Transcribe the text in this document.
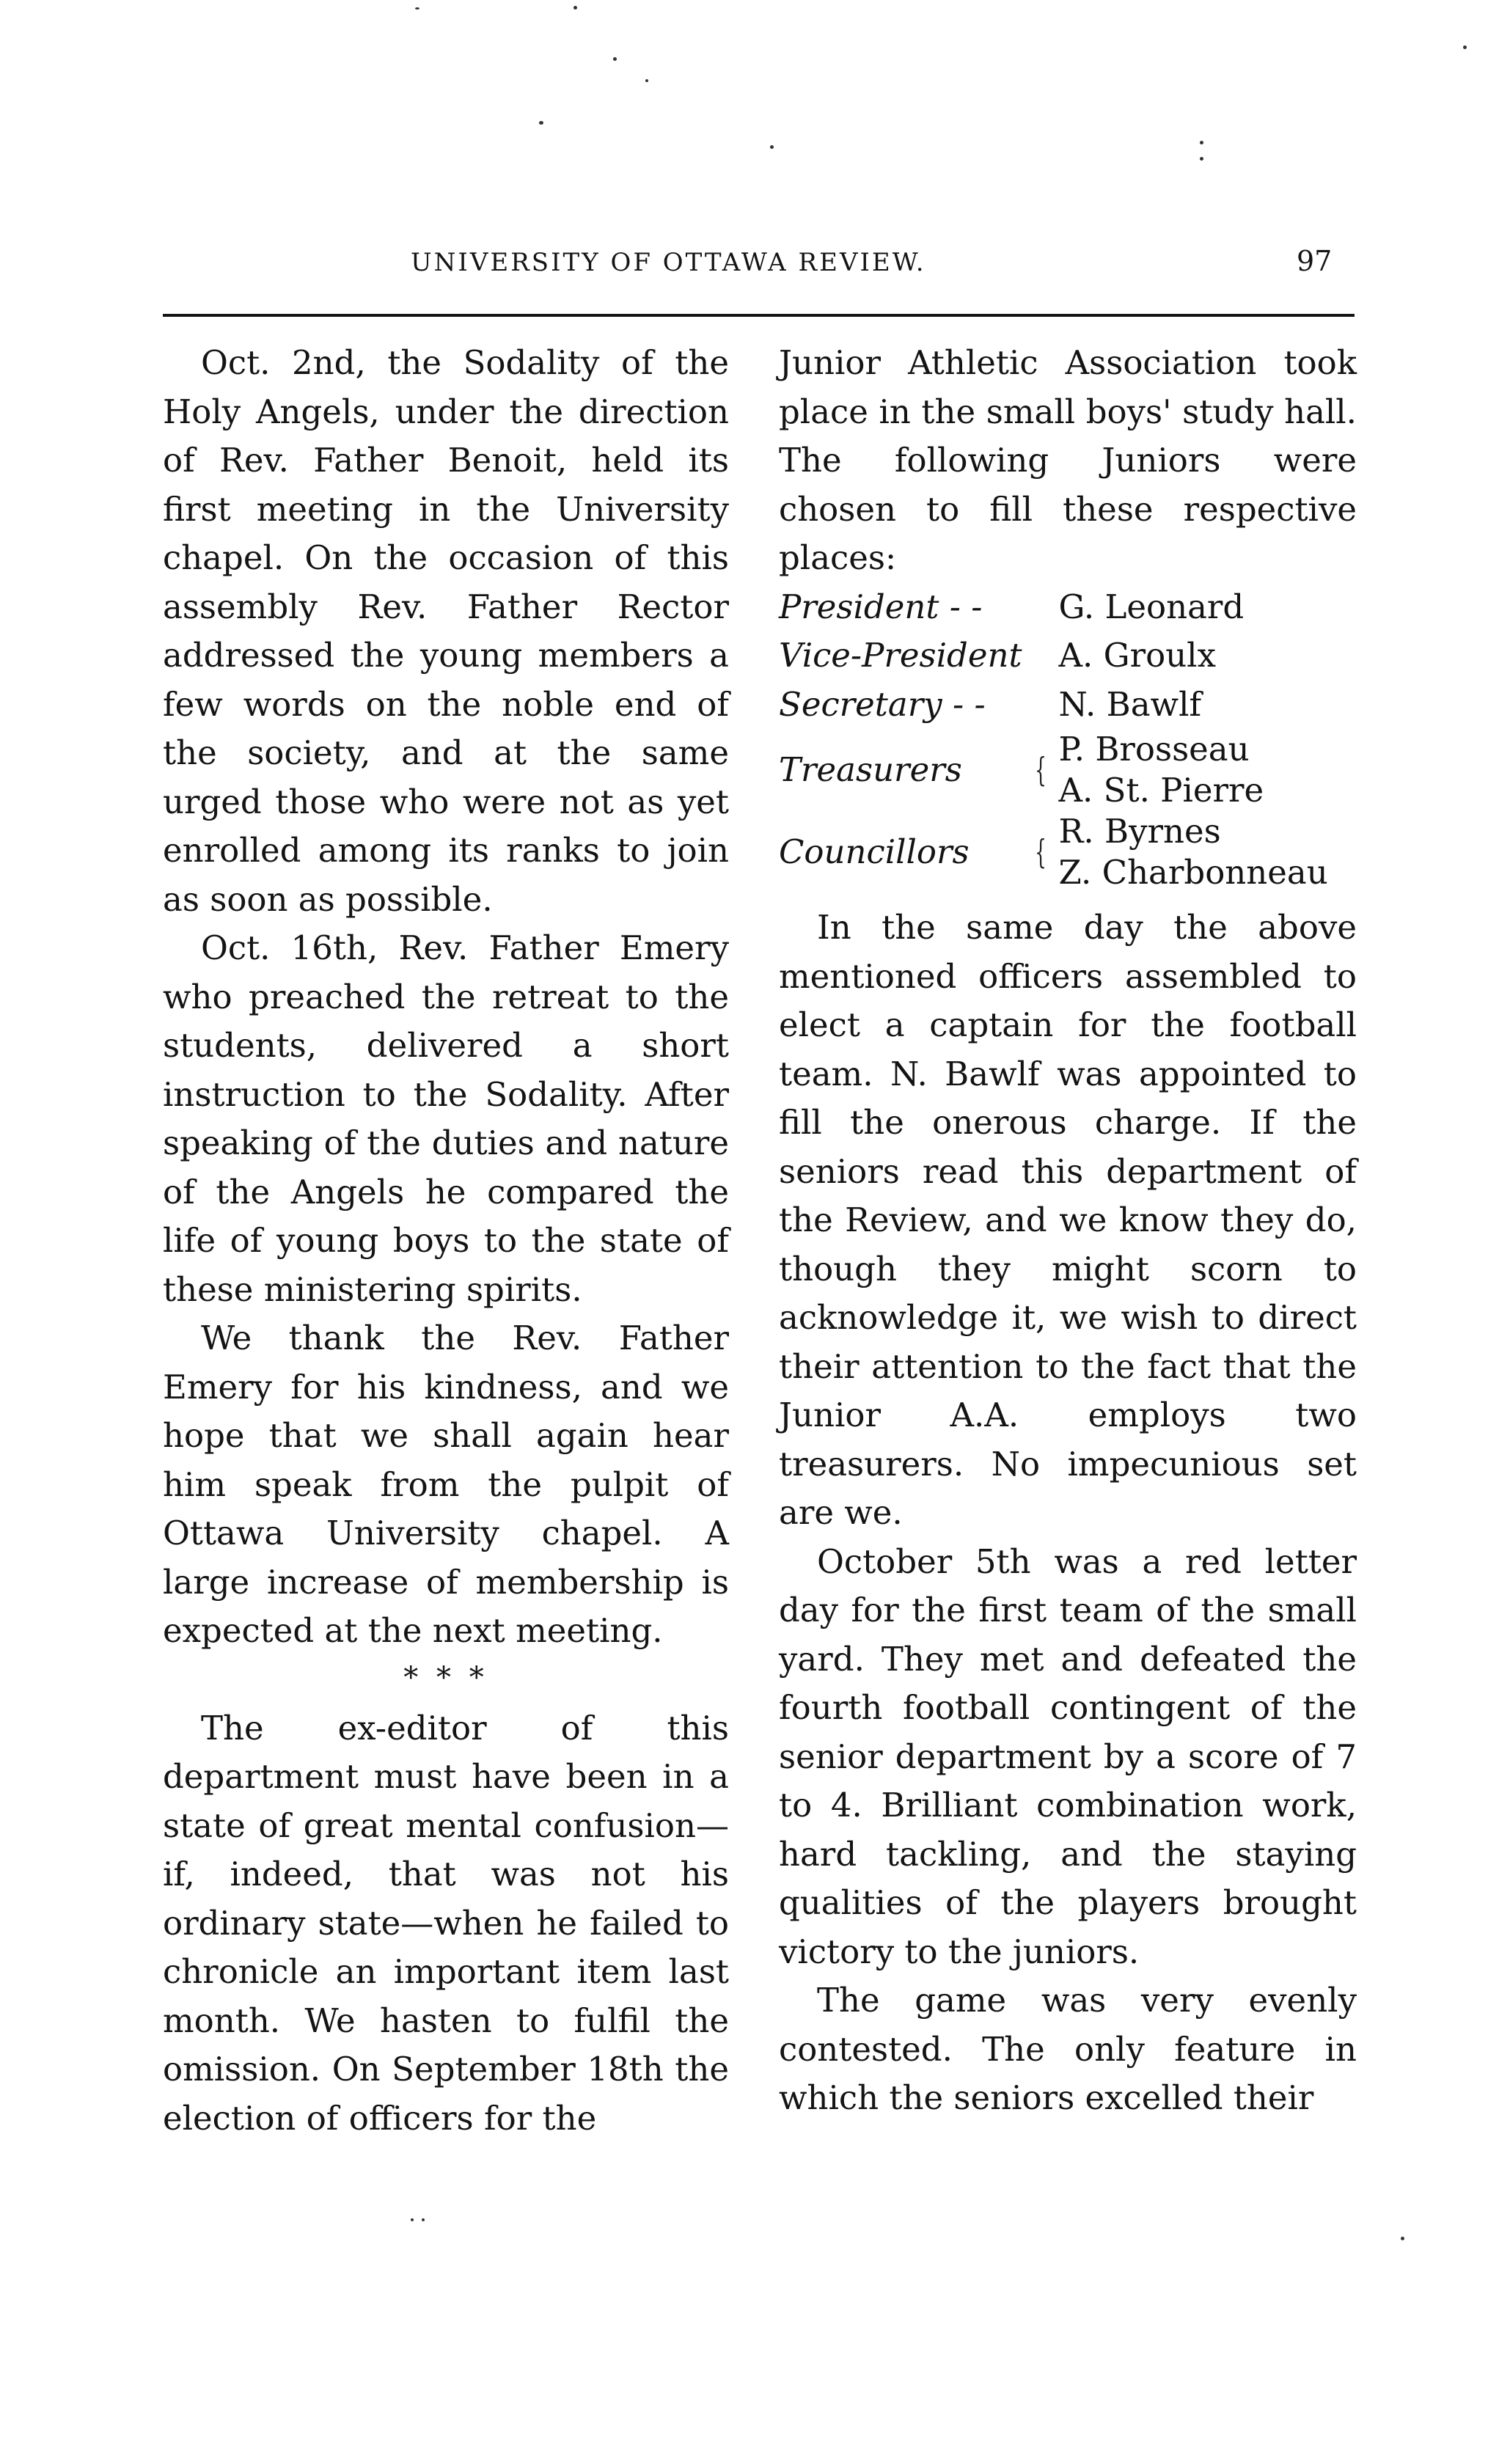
UNIVERSITY OF OTTAWA REVIEW.	97

Oct. 2nd, the Sodality of the Holy Angels, under the direction of Rev. Father Benoit, held its first meeting in the University chapel. On the occasion of this assembly Rev. Father Rector addressed the young members a few words on the noble end of the society, and at the same urged those who were not as yet enrolled among its ranks to join as soon as possible.

Oct. 16th, Rev. Father Emery who preached the retreat to the students, delivered a short instruction to the Sodality. After speaking of the duties and nature of the Angels he compared the life of young boys to the state of these ministering spirits.

We thank the Rev. Father Emery for his kindness, and we hope that we shall again hear him speak from the pulpit of Ottawa University chapel. A large increase of membership is expected at the next meeting.

* * *

The ex-editor of this department must have been in a state of great mental confusion—if, indeed, that was not his ordinary state—when he failed to chronicle an important item last month. We hasten to fulfil the omission. On September 18th the election of officers for the

Junior Athletic Association took place in the small boys' study hall. The following Juniors were chosen to fill these respective places:

President - -		G. Leonard
Vice-President		A. Groulx
Secretary - -		N. Bawlf
Treasurers	{	P. Brosseau
A. St. Pierre

Councillors	{	R. Byrnes
Z. Charbonneau

In the same day the above mentioned officers assembled to elect a captain for the football team. N. Bawlf was appointed to fill the onerous charge. If the seniors read this department of the Review, and we know they do, though they might scorn to acknowledge it, we wish to direct their attention to the fact that the Junior A.A. employs two treasurers. No impecunious set are we.

October 5th was a red letter day for the first team of the small yard. They met and defeated the fourth football contingent of the senior department by a score of 7 to 4. Brilliant combination work, hard tackling, and the staying qualities of the players brought victory to the juniors.

The game was very evenly contested. The only feature in which the seniors excelled their
